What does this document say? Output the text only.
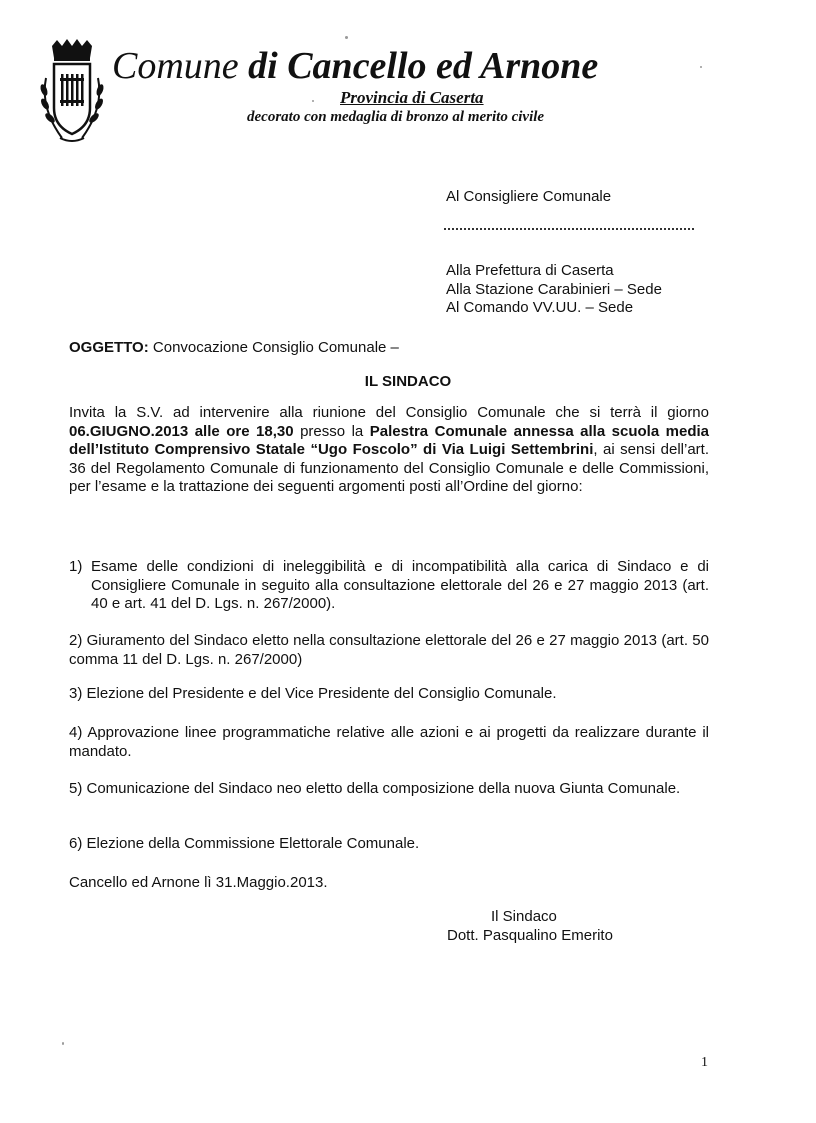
Comune di Cancello ed Arnone
Provincia di Caserta
decorato con medaglia di bronzo al merito civile
Al Consigliere Comunale
Alla Prefettura di Caserta
Alla Stazione Carabinieri – Sede
Al Comando VV.UU. – Sede
OGGETTO: Convocazione Consiglio Comunale –
IL SINDACO
Invita la S.V. ad intervenire alla riunione del Consiglio Comunale che si terrà il giorno 06.GIUGNO.2013 alle ore 18,30 presso la Palestra Comunale annessa alla scuola media dell’Istituto Comprensivo Statale “Ugo Foscolo” di Via Luigi Settembrini, ai sensi dell’art. 36 del Regolamento Comunale di funzionamento del Consiglio Comunale e delle Commissioni, per l’esame e la trattazione dei seguenti argomenti posti all’Ordine del giorno:
1) Esame delle condizioni di ineleggibilità e di incompatibilità alla carica di Sindaco e di Consigliere Comunale in seguito alla consultazione elettorale del 26 e 27 maggio 2013 (art. 40 e art. 41 del D. Lgs. n. 267/2000).
2) Giuramento del Sindaco eletto nella consultazione elettorale del 26 e 27 maggio 2013 (art. 50 comma 11 del D. Lgs. n. 267/2000)
3) Elezione del Presidente e del Vice Presidente del Consiglio Comunale.
4) Approvazione linee programmatiche relative alle azioni e ai progetti da realizzare durante il mandato.
5) Comunicazione del Sindaco neo eletto della composizione della nuova Giunta Comunale.
6) Elezione della Commissione Elettorale Comunale.
Cancello ed Arnone lì 31.Maggio.2013.
Il Sindaco
Dott. Pasqualino Emerito
1
